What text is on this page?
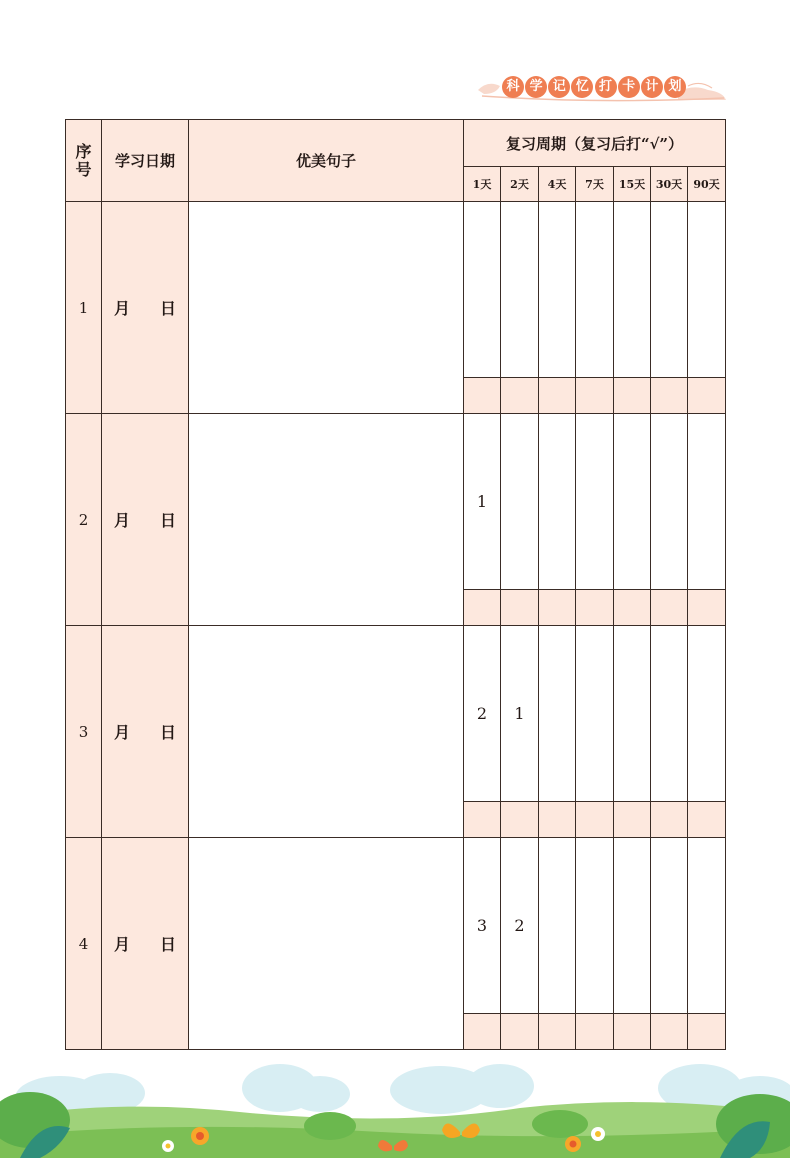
科 学 记 忆 打 卡 计 划
序号	学习日期	优美句子	复习周期（复习后打“√”）						
			1天	2天	4天	7天	15天	30天	90天
1	月 日								

2	月 日		1						

3	月 日		2	1					

4	月 日		3	2					
